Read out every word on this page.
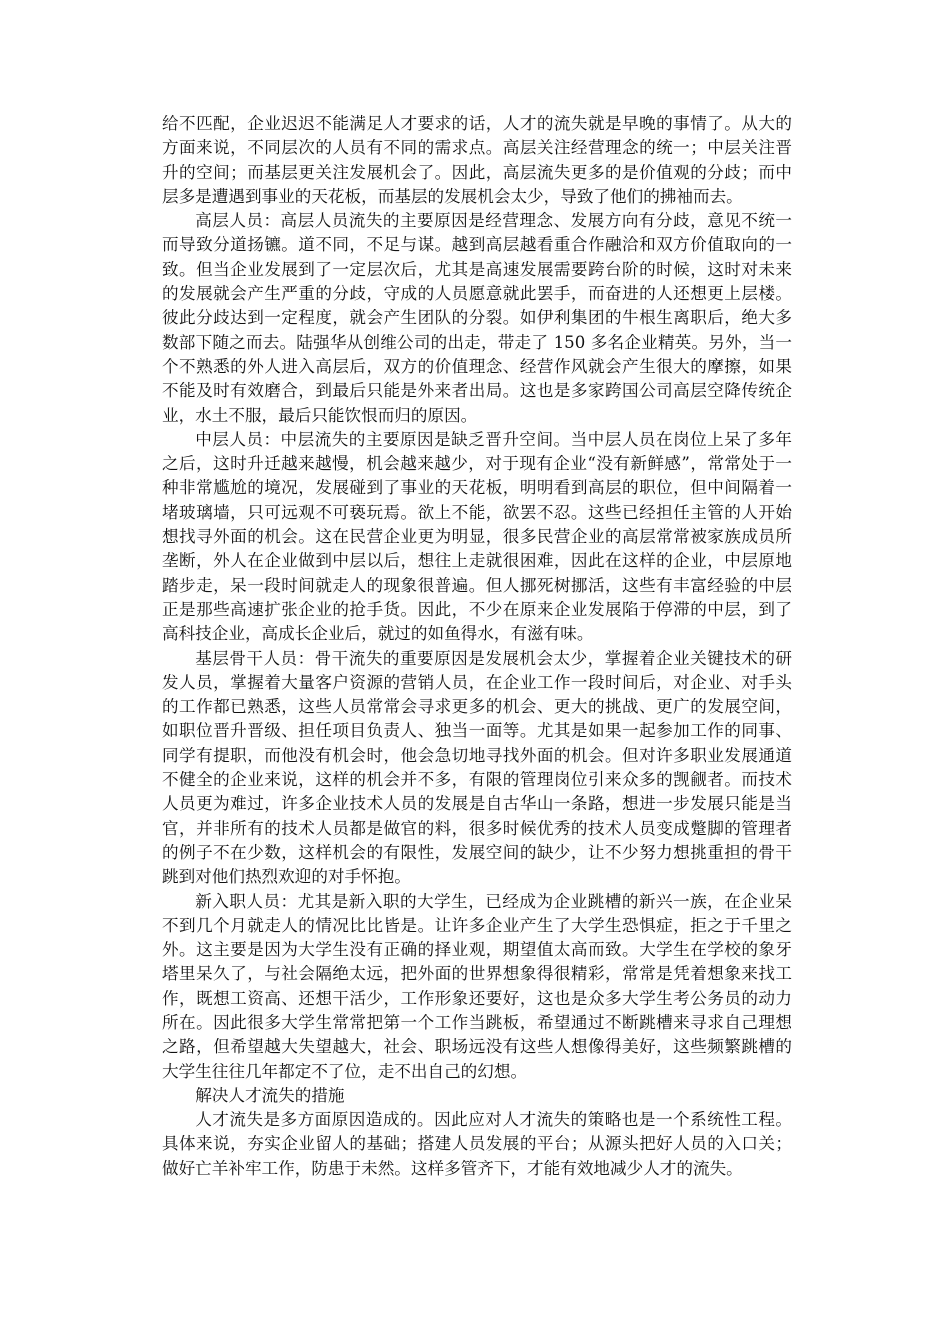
给不匹配，企业迟迟不能满足人才要求的话，人才的流失就是早晚的事情了。从大的方面来说，不同层次的人员有不同的需求点。高层关注经营理念的统一；中层关注晋升的空间；而基层更关注发展机会了。因此，高层流失更多的是价值观的分歧；而中层多是遭遇到事业的天花板，而基层的发展机会太少，导致了他们的拂袖而去。

高层人员：高层人员流失的主要原因是经营理念、发展方向有分歧，意见不统一而导致分道扬镳。道不同，不足与谋。越到高层越看重合作融洽和双方价值取向的一致。但当企业发展到了一定层次后，尤其是高速发展需要跨台阶的时候，这时对未来的发展就会产生严重的分歧，守成的人员愿意就此罢手，而奋进的人还想更上层楼。彼此分歧达到一定程度，就会产生团队的分裂。如伊利集团的牛根生离职后，绝大多数部下随之而去。陆强华从创维公司的出走，带走了 150 多名企业精英。另外，当一个不熟悉的外人进入高层后，双方的价值理念、经营作风就会产生很大的摩擦，如果不能及时有效磨合，到最后只能是外来者出局。这也是多家跨国公司高层空降传统企业，水土不服，最后只能饮恨而归的原因。

中层人员：中层流失的主要原因是缺乏晋升空间。当中层人员在岗位上呆了多年之后，这时升迁越来越慢，机会越来越少，对于现有企业“没有新鲜感”，常常处于一种非常尴尬的境况，发展碰到了事业的天花板，明明看到高层的职位，但中间隔着一堵玻璃墙，只可远观不可亵玩焉。欲上不能，欲罢不忍。这些已经担任主管的人开始想找寻外面的机会。这在民营企业更为明显，很多民营企业的高层常常被家族成员所垄断，外人在企业做到中层以后，想往上走就很困难，因此在这样的企业，中层原地踏步走，呆一段时间就走人的现象很普遍。但人挪死树挪活，这些有丰富经验的中层正是那些高速扩张企业的抢手货。因此，不少在原来企业发展陷于停滞的中层，到了高科技企业，高成长企业后，就过的如鱼得水，有滋有味。

基层骨干人员：骨干流失的重要原因是发展机会太少，掌握着企业关键技术的研发人员，掌握着大量客户资源的营销人员，在企业工作一段时间后，对企业、对手头的工作都已熟悉，这些人员常常会寻求更多的机会、更大的挑战、更广的发展空间，如职位晋升晋级、担任项目负责人、独当一面等。尤其是如果一起参加工作的同事、同学有提职，而他没有机会时，他会急切地寻找外面的机会。但对许多职业发展通道不健全的企业来说，这样的机会并不多，有限的管理岗位引来众多的觊觎者。而技术人员更为难过，许多企业技术人员的发展是自古华山一条路，想进一步发展只能是当官，并非所有的技术人员都是做官的料，很多时候优秀的技术人员变成蹩脚的管理者的例子不在少数，这样机会的有限性，发展空间的缺少，让不少努力想挑重担的骨干跳到对他们热烈欢迎的对手怀抱。

新入职人员：尤其是新入职的大学生，已经成为企业跳槽的新兴一族，在企业呆不到几个月就走人的情况比比皆是。让许多企业产生了大学生恐惧症，拒之于千里之外。这主要是因为大学生没有正确的择业观，期望值太高而致。大学生在学校的象牙塔里呆久了，与社会隔绝太远，把外面的世界想象得很精彩，常常是凭着想象来找工作，既想工资高、还想干活少，工作形象还要好，这也是众多大学生考公务员的动力所在。因此很多大学生常常把第一个工作当跳板，希望通过不断跳槽来寻求自己理想之路，但希望越大失望越大，社会、职场远没有这些人想像得美好，这些频繁跳槽的大学生往往几年都定不了位，走不出自己的幻想。

解决人才流失的措施

人才流失是多方面原因造成的。因此应对人才流失的策略也是一个系统性工程。具体来说，夯实企业留人的基础；搭建人员发展的平台；从源头把好人员的入口关；做好亡羊补牢工作，防患于未然。这样多管齐下，才能有效地减少人才的流失。
